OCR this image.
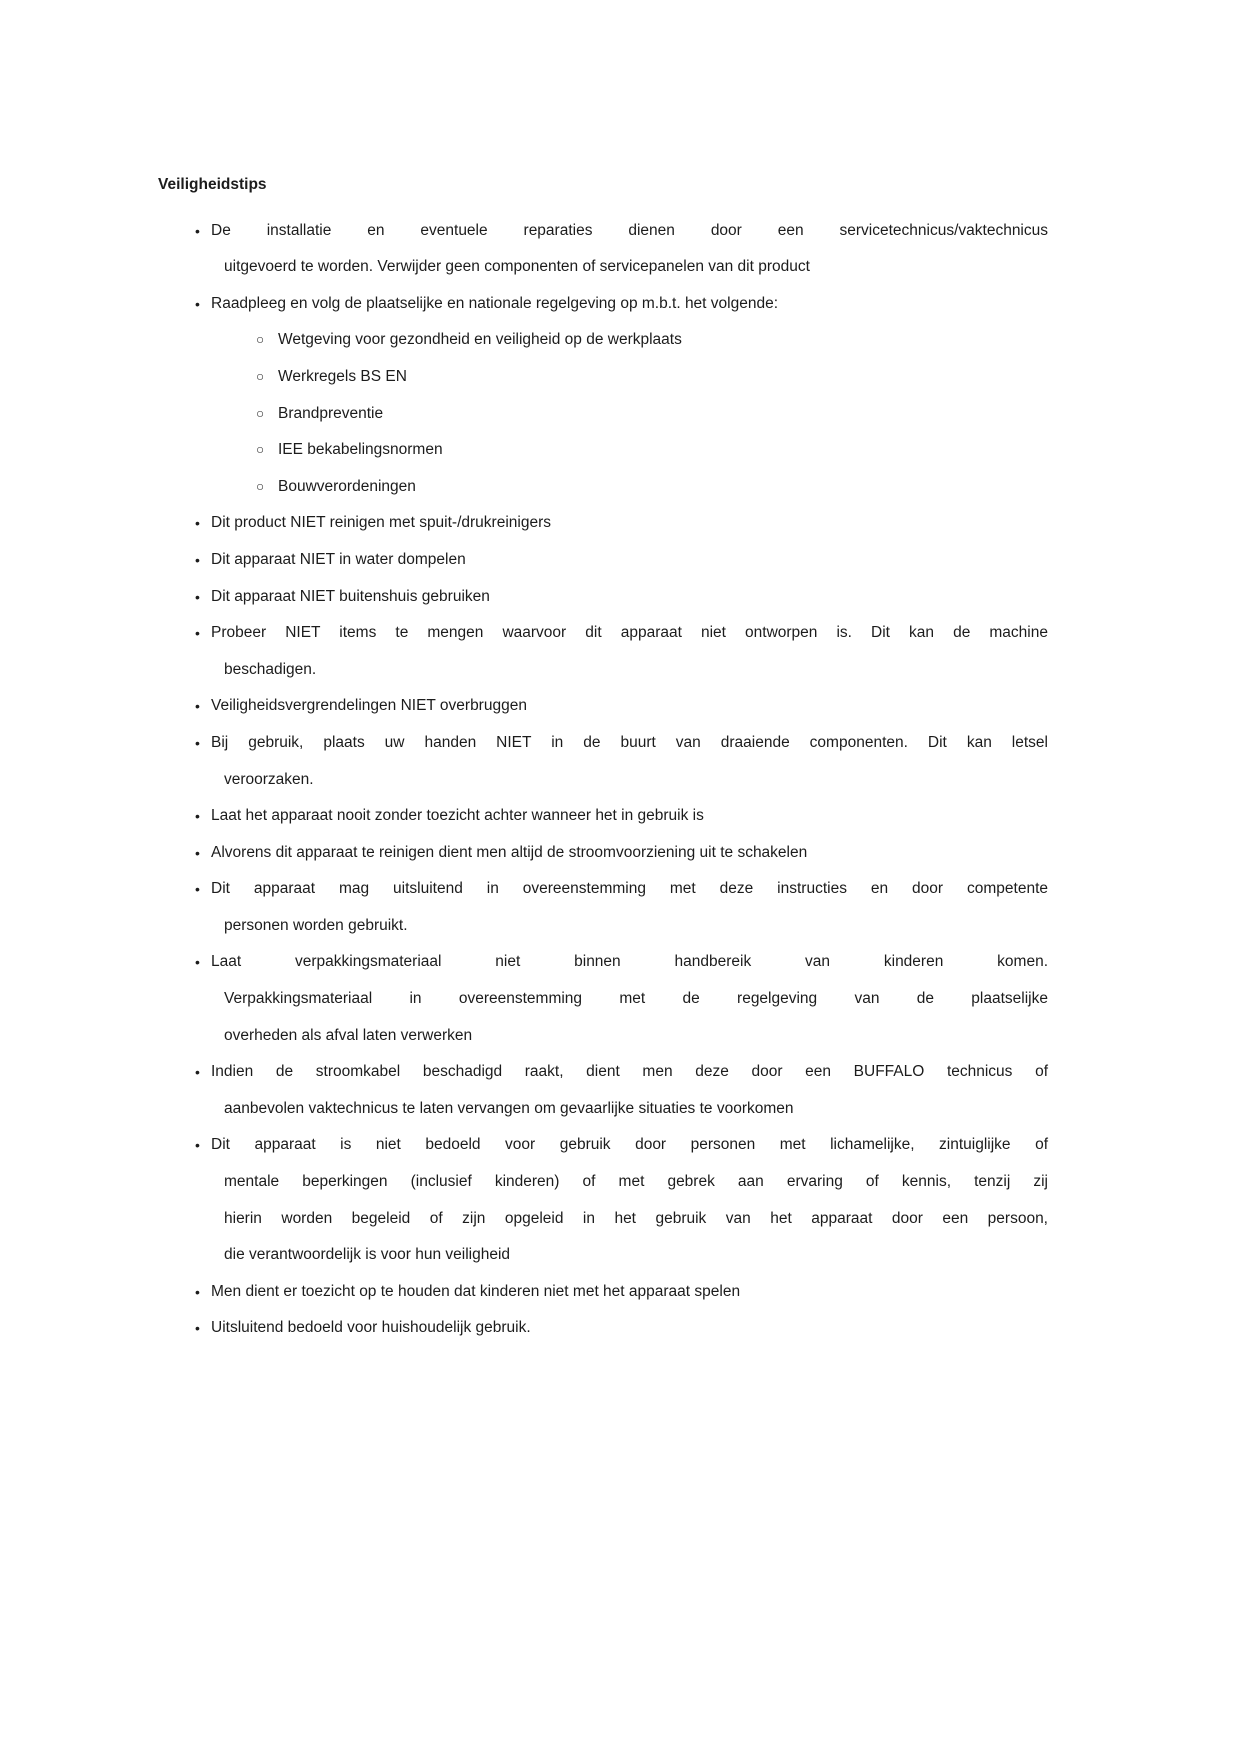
Veiligheidstips
• De installatie en eventuele reparaties dienen door een servicetechnicus/vaktechnicus
uitgevoerd te worden. Verwijder geen componenten of servicepanelen van dit product
• Raadpleeg en volg de plaatselijke en nationale regelgeving op m.b.t. het volgende:
○ Wetgeving voor gezondheid en veiligheid op de werkplaats
○ Werkregels BS EN
○ Brandpreventie
○ IEE bekabelingsnormen
○ Bouwverordeningen
• Dit product NIET reinigen met spuit-/drukreinigers
• Dit apparaat NIET in water dompelen
• Dit apparaat NIET buitenshuis gebruiken
• Probeer NIET items te mengen waarvoor dit apparaat niet ontworpen is. Dit kan de machine
beschadigen.
• Veiligheidsvergrendelingen NIET overbruggen
• Bij gebruik, plaats uw handen NIET in de buurt van draaiende componenten. Dit kan letsel
veroorzaken.
• Laat het apparaat nooit zonder toezicht achter wanneer het in gebruik is
• Alvorens dit apparaat te reinigen dient men altijd de stroomvoorziening uit te schakelen
• Dit apparaat mag uitsluitend in overeenstemming met deze instructies en door competente
personen worden gebruikt.
• Laat verpakkingsmateriaal niet binnen handbereik van kinderen komen.
Verpakkingsmateriaal in overeenstemming met de regelgeving van de plaatselijke
overheden als afval laten verwerken
• Indien de stroomkabel beschadigd raakt, dient men deze door een BUFFALO technicus of
aanbevolen vaktechnicus te laten vervangen om gevaarlijke situaties te voorkomen
• Dit apparaat is niet bedoeld voor gebruik door personen met lichamelijke, zintuiglijke of
mentale beperkingen (inclusief kinderen) of met gebrek aan ervaring of kennis, tenzij zij
hierin worden begeleid of zijn opgeleid in het gebruik van het apparaat door een persoon,
die verantwoordelijk is voor hun veiligheid
• Men dient er toezicht op te houden dat kinderen niet met het apparaat spelen
• Uitsluitend bedoeld voor huishoudelijk gebruik.
